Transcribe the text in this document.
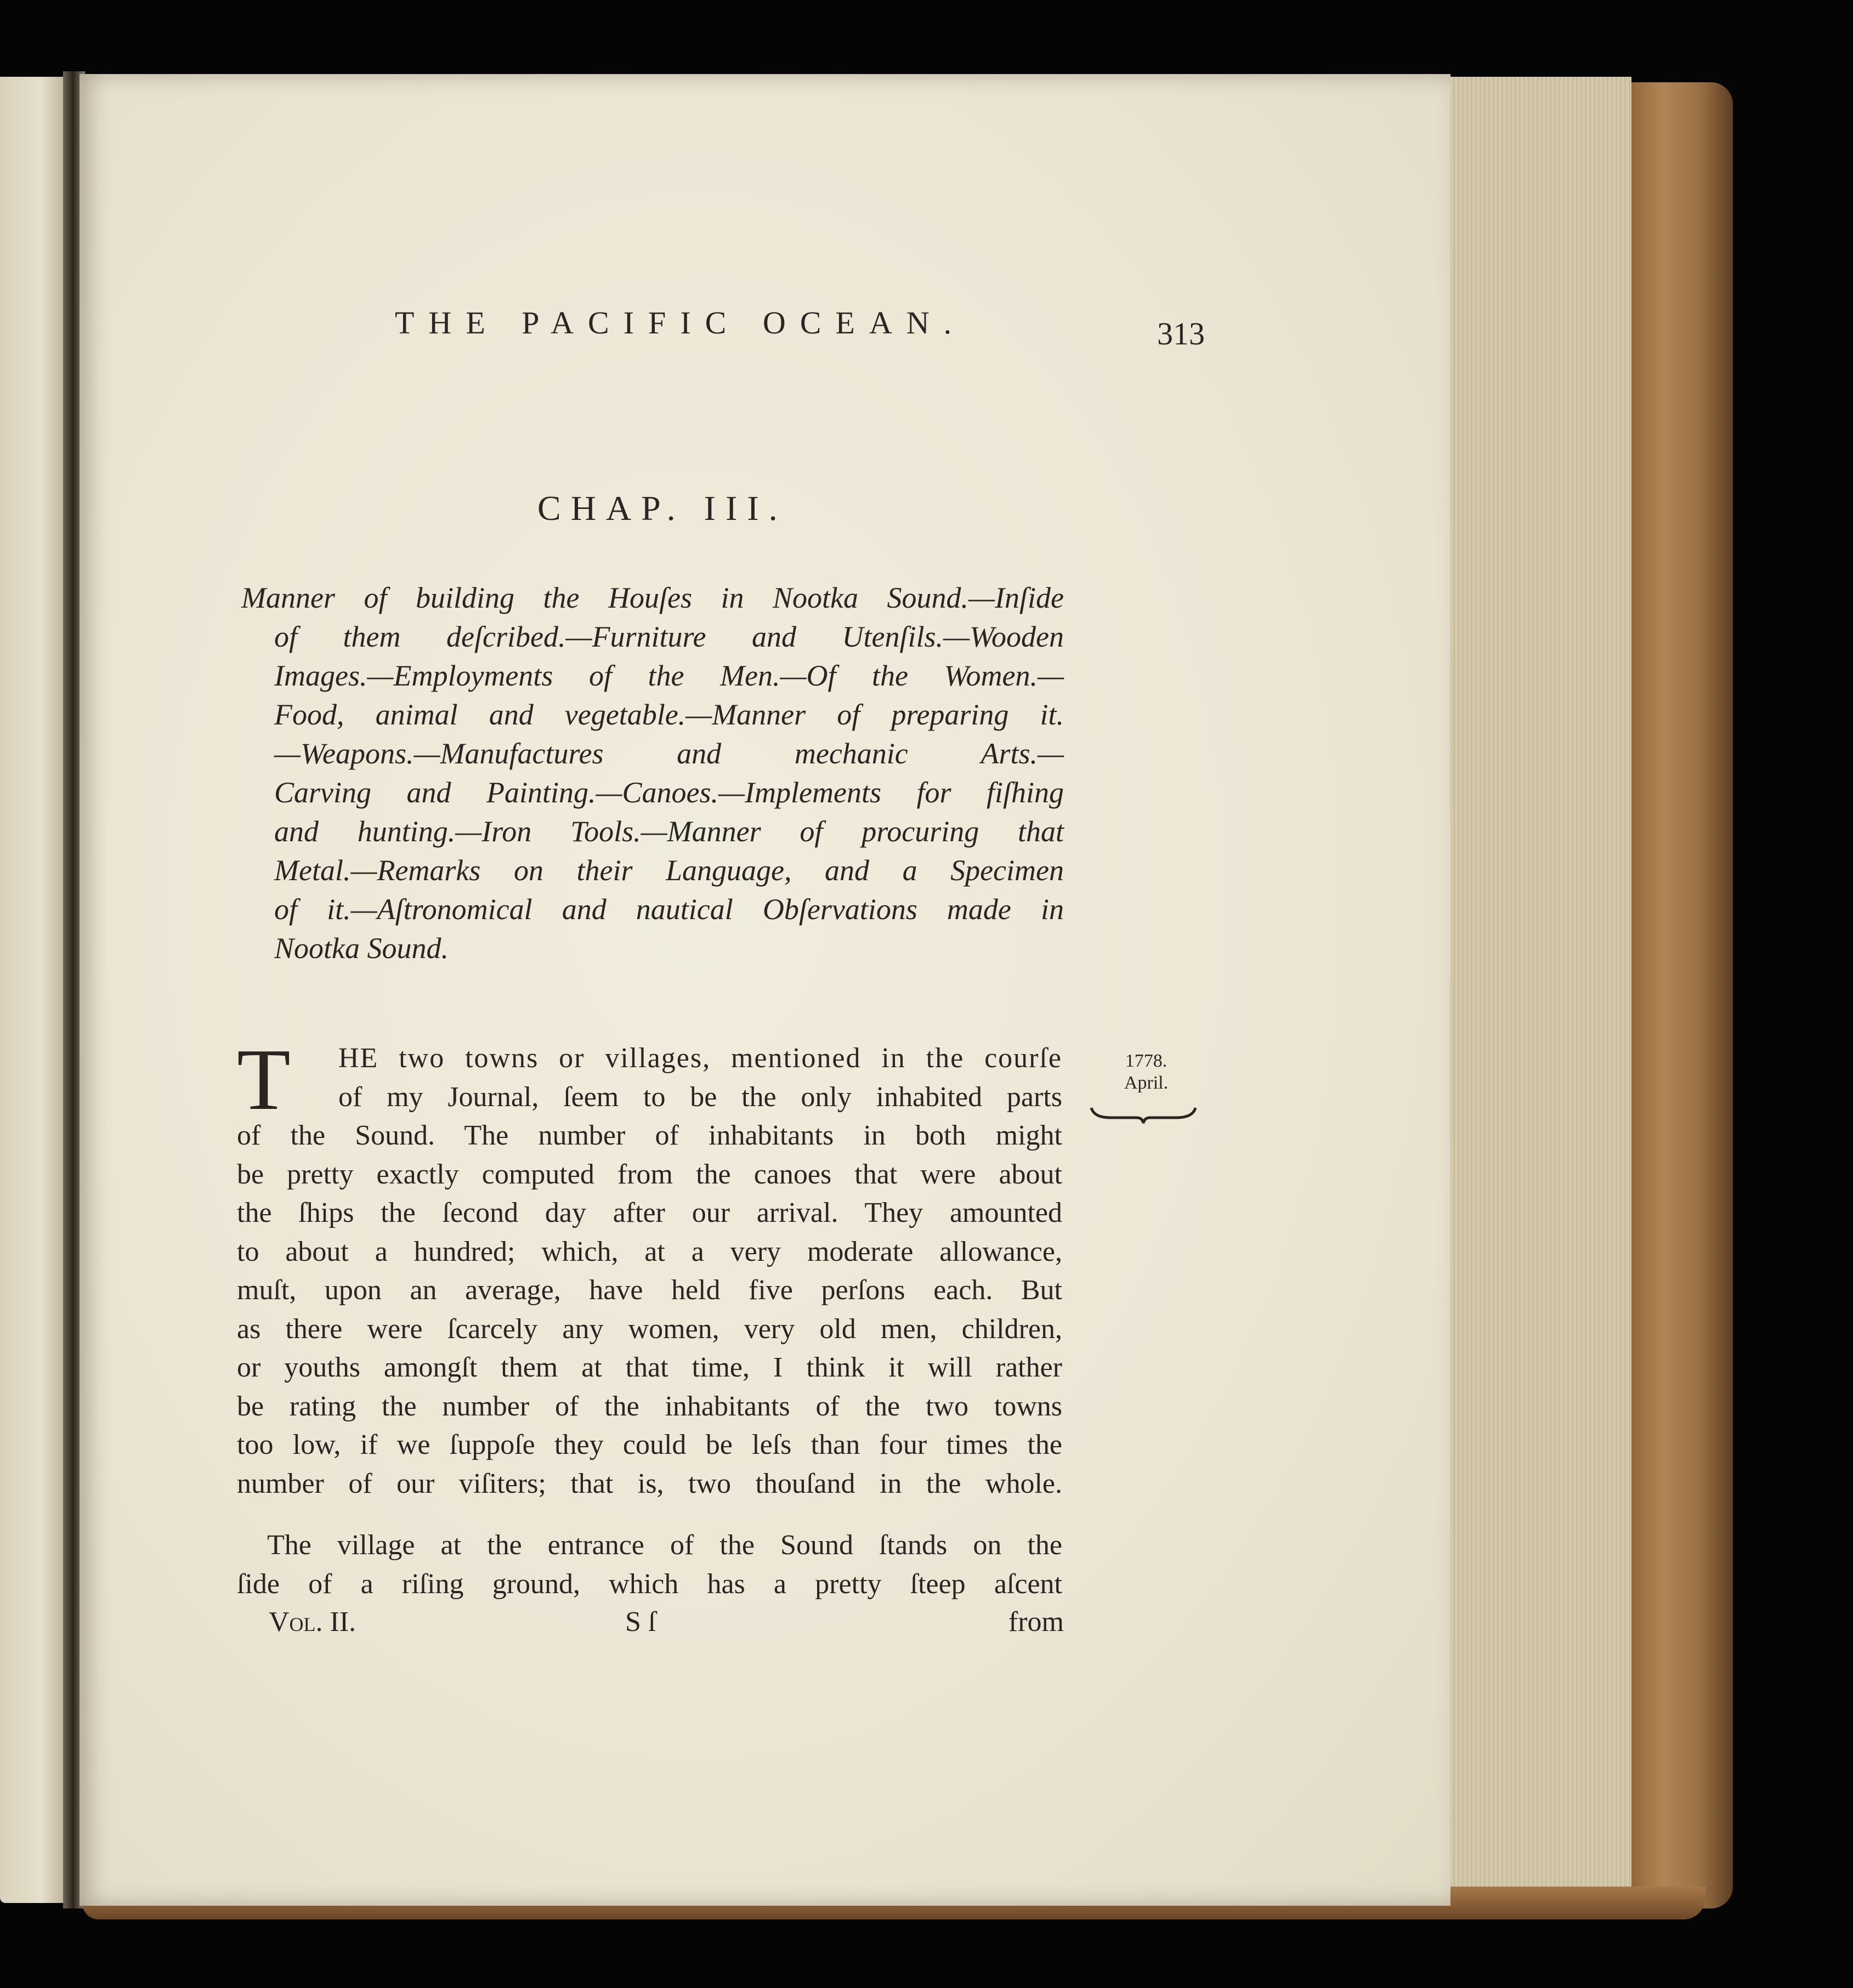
THE PACIFIC OCEAN.	313
CHAP. III.
Manner of building the Houſes in Nootka Sound.—Inſide
of them deſcribed.—Furniture and Utenſils.—Wooden
Images.—Employments of the Men.—Of the Women.—
Food, animal and vegetable.—Manner of preparing it.
—Weapons.—Manufactures and mechanic Arts.—
Carving and Painting.—Canoes.—Implements for fiſhing
and hunting.—Iron Tools.—Manner of procuring that
Metal.—Remarks on their Language, and a Specimen
of it.—Aſtronomical and nautical Obſervations made in
Nootka Sound.
T	HE two towns or villages, mentioned in the courſe
of my Journal, ſeem to be the only inhabited parts
of the Sound. The number of inhabitants in both might
be pretty exactly computed from the canoes that were about
the ſhips the ſecond day after our arrival. They amounted
to about a hundred; which, at a very moderate allowance,
muſt, upon an average, have held five perſons each. But
as there were ſcarcely any women, very old men, children,
or youths amongſt them at that time, I think it will rather
be rating the number of the inhabitants of the two towns
too low, if we ſuppoſe they could be leſs than four times the
number of our viſiters; that is, two thouſand in the whole.
The village at the entrance of the Sound ſtands on the
ſide of a riſing ground, which has a pretty ſteep aſcent
1778.
April.
Vol. II.	S ſ	from
